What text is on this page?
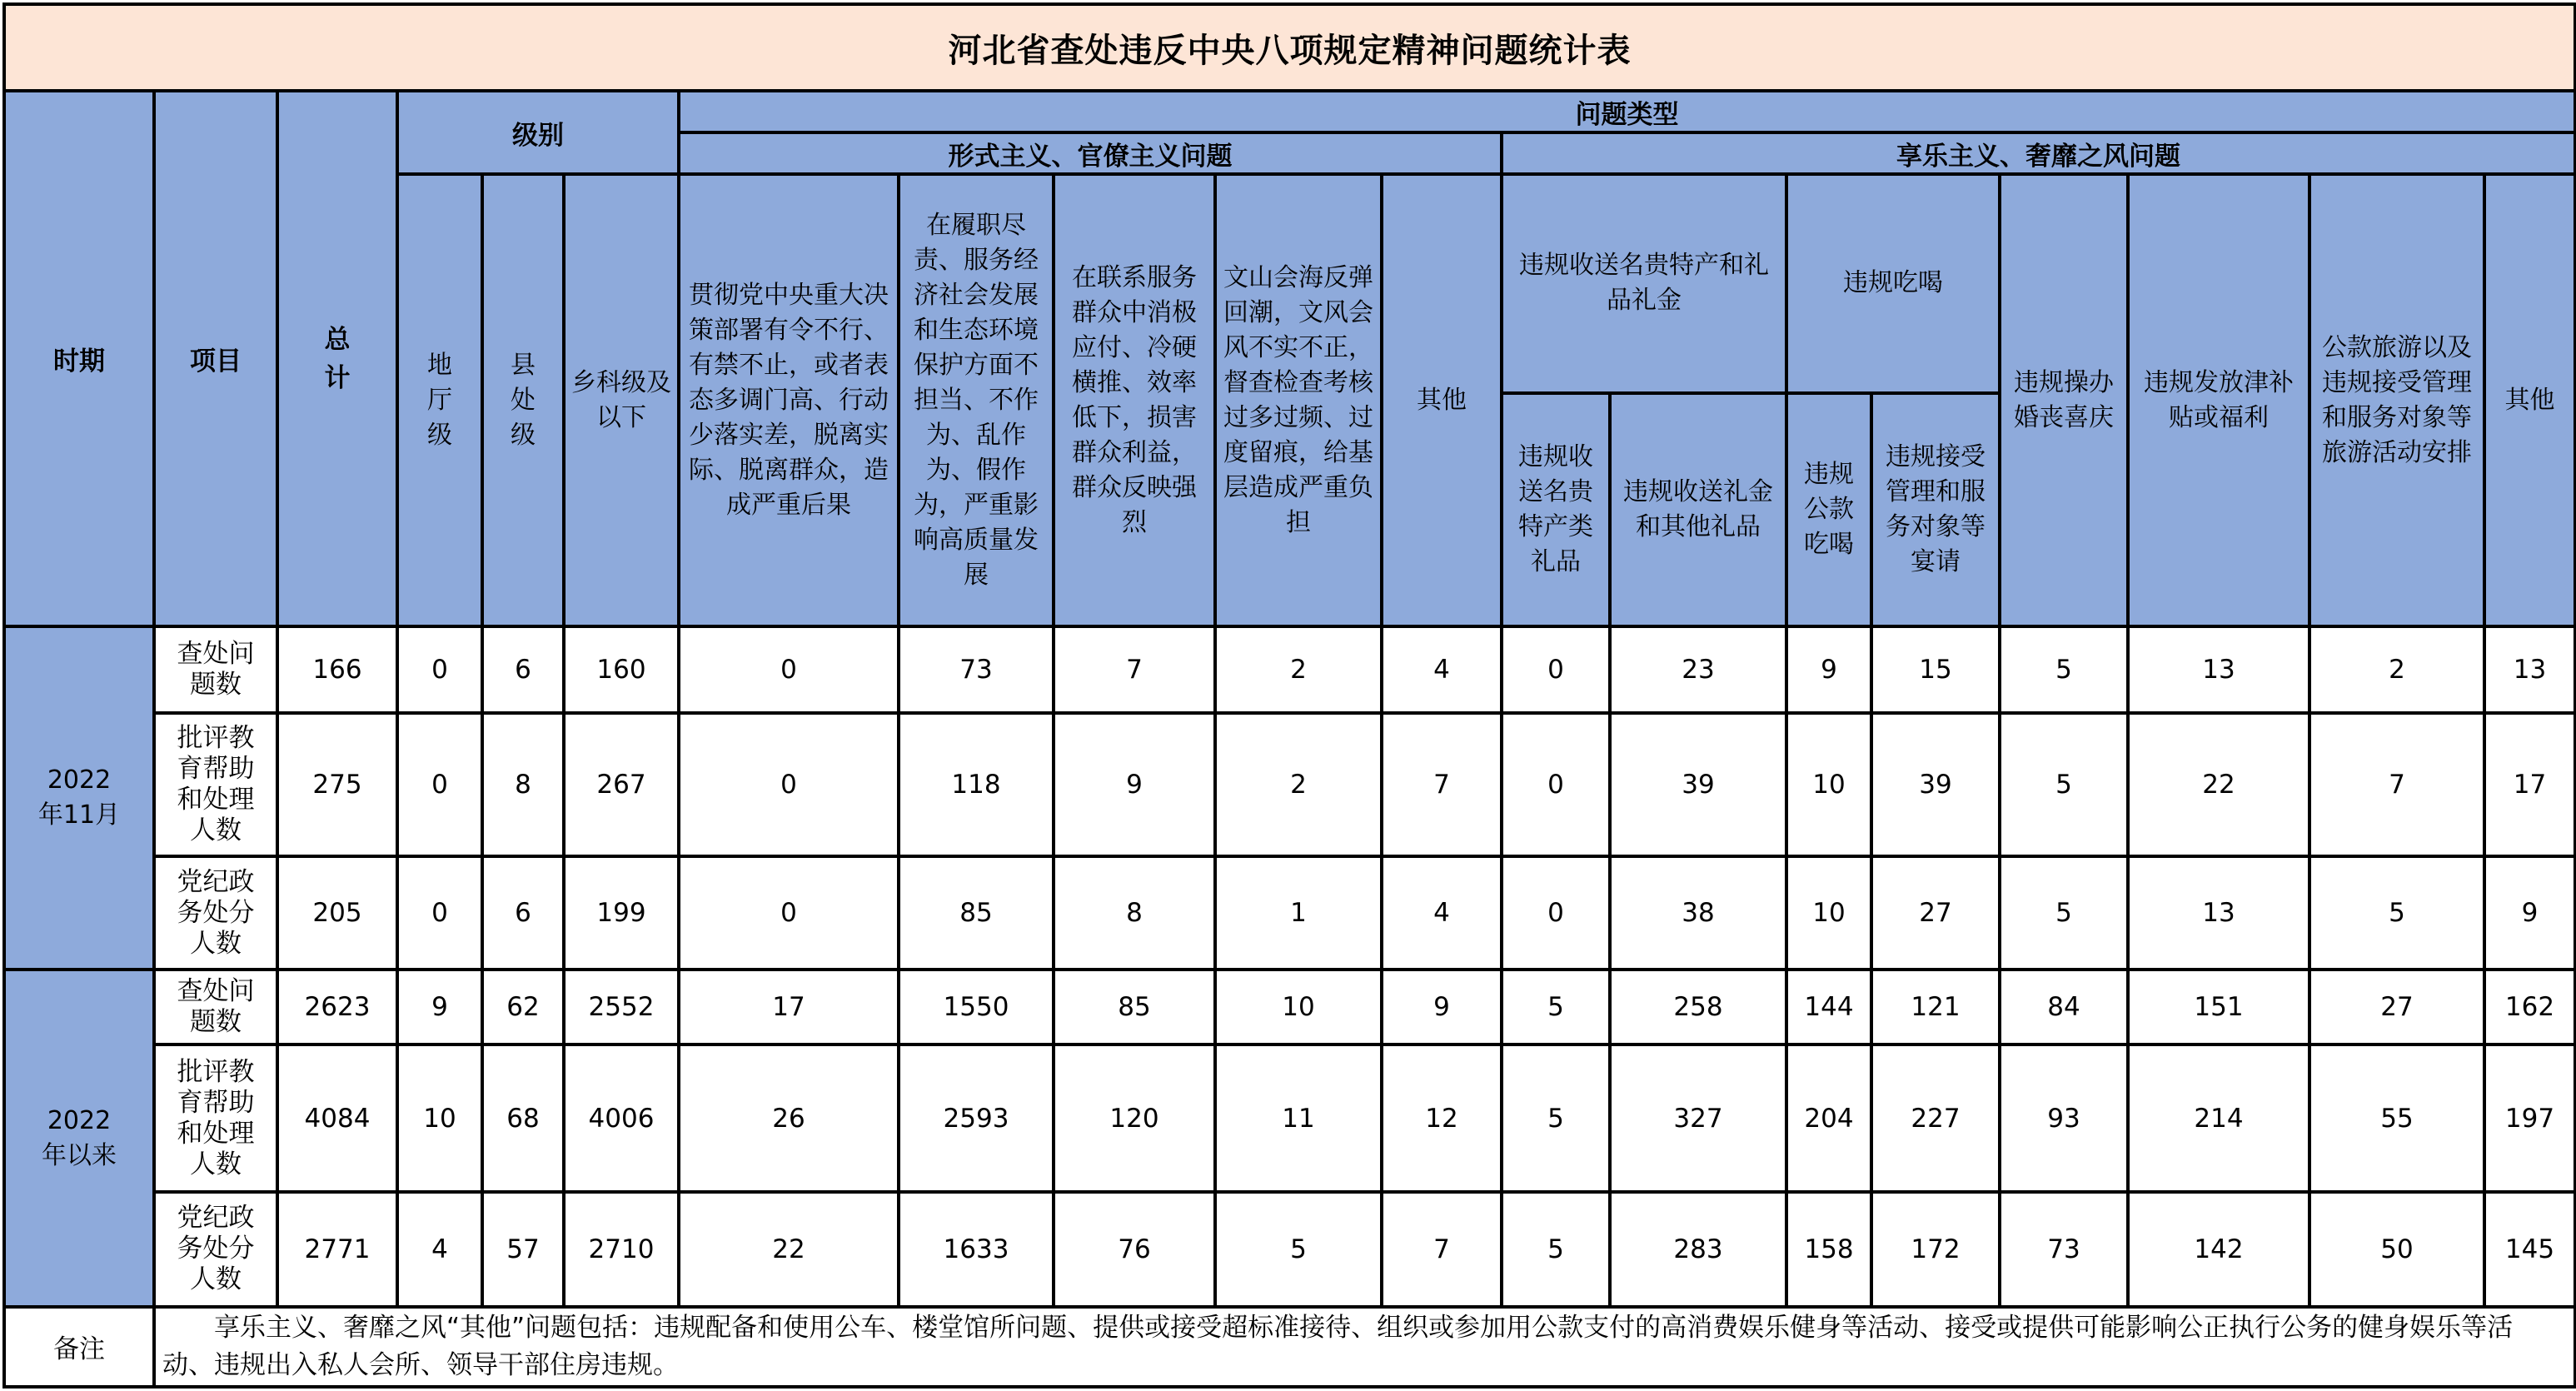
河北省查处违反中央八项规定精神问题统计表																		
时期	项目	总计	级别			问题类型												
						形式主义、官僚主义问题					享乐主义、奢靡之风问题							

			地厅级	县处级	乡科级及以下	贯彻党中央重大决策部署有令不行、有禁不止，或者表态多调门高、行动少落实差，脱离实际、脱离群众，造成严重后果	在履职尽责、服务经济社会发展和生态环境保护方面不担当、不作为、乱作为、假作为，严重影响高质量发展	在联系服务群众中消极应付、冷硬横推、效率低下，损害群众利益，群众反映强烈	文山会海反弹回潮，文风会风不实不正，督查检查考核过多过频、过度留痕，给基层造成严重负担	其他	违规收送名贵特产和礼品礼金		违规吃喝		违规操办婚丧喜庆	违规发放津补贴或福利	公款旅游以及违规接受管理和服务对象等旅游活动安排	其他
											违规收送名贵特产类礼品	违规收送礼金和其他礼品	违规公款吃喝	违规接受管理和服务对象等宴请				

2022年11月	查处问题数	166	0	6	160	0	73	7	2	4	0	23	9	15	5	13	2	13

	批评教育帮助和处理人数	275	0	8	267	0	118	9	2	7	0	39	10	39	5	22	7	17

	党纪政务处分人数	205	0	6	199	0	85	8	1	4	0	38	10	27	5	13	5	9

2022年以来	查处问题数	2623	9	62	2552	17	1550	85	10	9	5	258	144	121	84	151	27	162

	批评教育帮助和处理人数	4084	10	68	4006	26	2593	120	11	12	5	327	204	227	93	214	55	197

	党纪政务处分人数	2771	4	57	2710	22	1633	76	5	7	5	283	158	172	73	142	50	145
备注	享乐主义、奢靡之风“其他”问题包括：违规配备和使用公车、楼堂馆所问题、提供或接受超标准接待、组织或参加用公款支付的高消费娱乐健身等活动、接受或提供可能影响公正执行公务的健身娱乐等活动、违规出入私人会所、领导干部住房违规。																	
